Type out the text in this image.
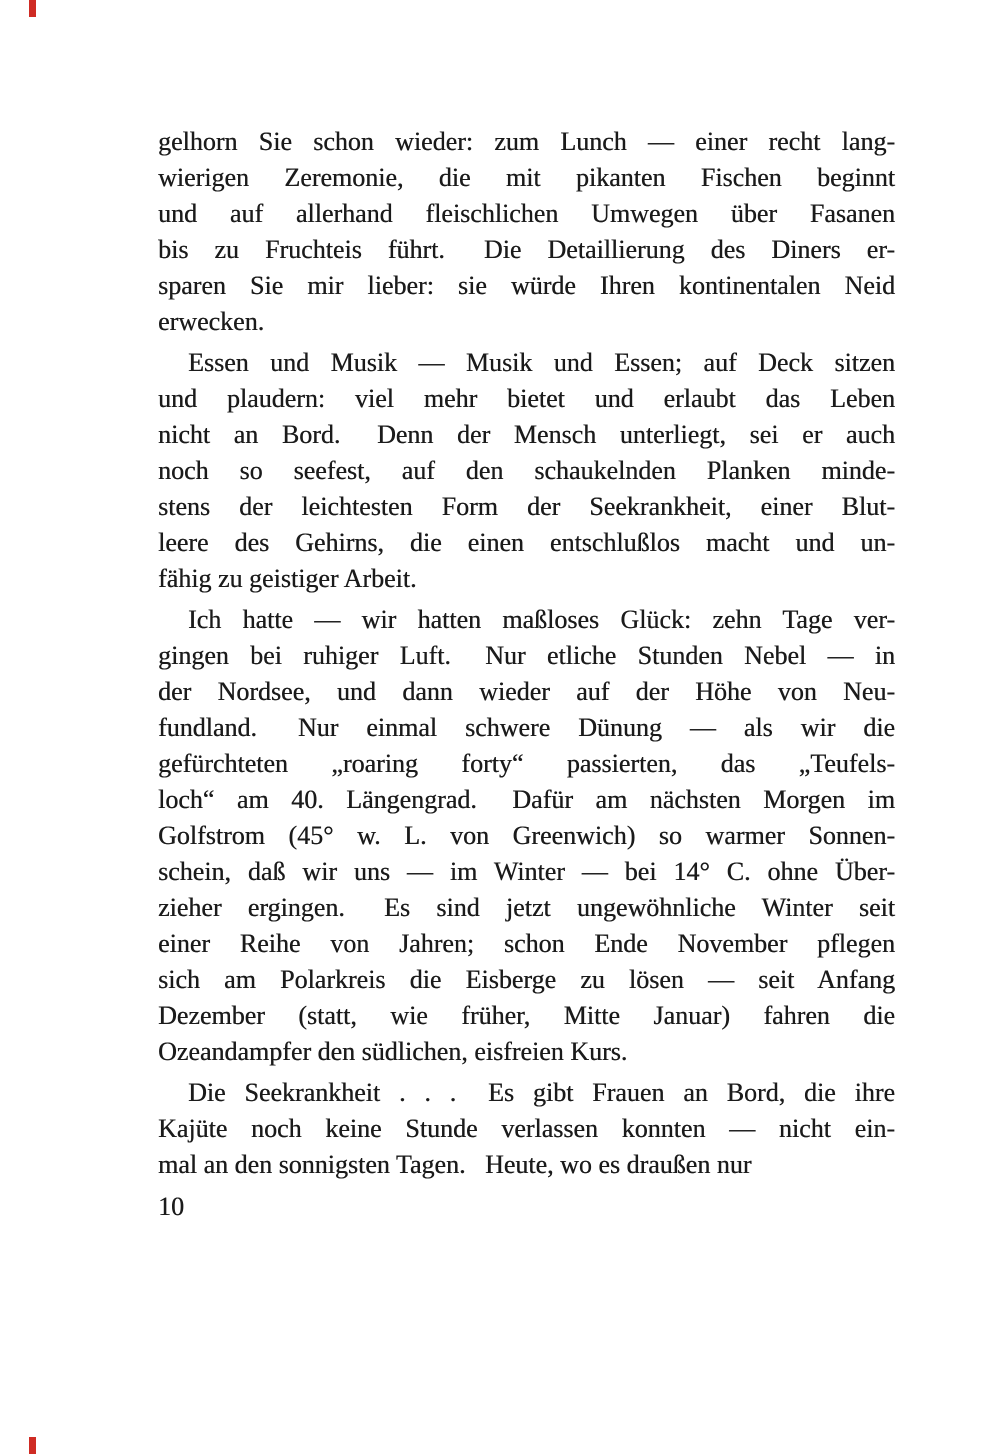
gelhorn Sie schon wieder: zum Lunch — einer recht lang-
wierigen Zeremonie, die mit pikanten Fischen beginnt
und auf allerhand fleischlichen Umwegen über Fasanen
bis zu Fruchteis führt.  Die Detaillierung des Diners er-
sparen Sie mir lieber: sie würde Ihren kontinentalen Neid
erwecken.
Essen und Musik — Musik und Essen; auf Deck sitzen
und plaudern: viel mehr bietet und erlaubt das Leben
nicht an Bord.  Denn der Mensch unterliegt, sei er auch
noch so seefest, auf den schaukelnden Planken minde-
stens der leichtesten Form der Seekrankheit, einer Blut-
leere des Gehirns, die einen entschlußlos macht und un-
fähig zu geistiger Arbeit.
Ich hatte — wir hatten maßloses Glück: zehn Tage ver-
gingen bei ruhiger Luft.  Nur etliche Stunden Nebel — in
der Nordsee, und dann wieder auf der Höhe von Neu-
fundland.  Nur einmal schwere Dünung — als wir die
gefürchteten „roaring forty“ passierten, das „Teufels-
loch“ am 40. Längengrad.  Dafür am nächsten Morgen im
Golfstrom (45° w. L. von Greenwich) so warmer Sonnen-
schein, daß wir uns — im Winter — bei 14° C. ohne Über-
zieher ergingen.  Es sind jetzt ungewöhnliche Winter seit
einer Reihe von Jahren; schon Ende November pflegen
sich am Polarkreis die Eisberge zu lösen — seit Anfang
Dezember (statt, wie früher, Mitte Januar) fahren die
Ozeandampfer den südlichen, eisfreien Kurs.
Die Seekrankheit . . .  Es gibt Frauen an Bord, die ihre
Kajüte noch keine Stunde verlassen konnten — nicht ein-
mal an den sonnigsten Tagen.  Heute, wo es draußen nur
10
